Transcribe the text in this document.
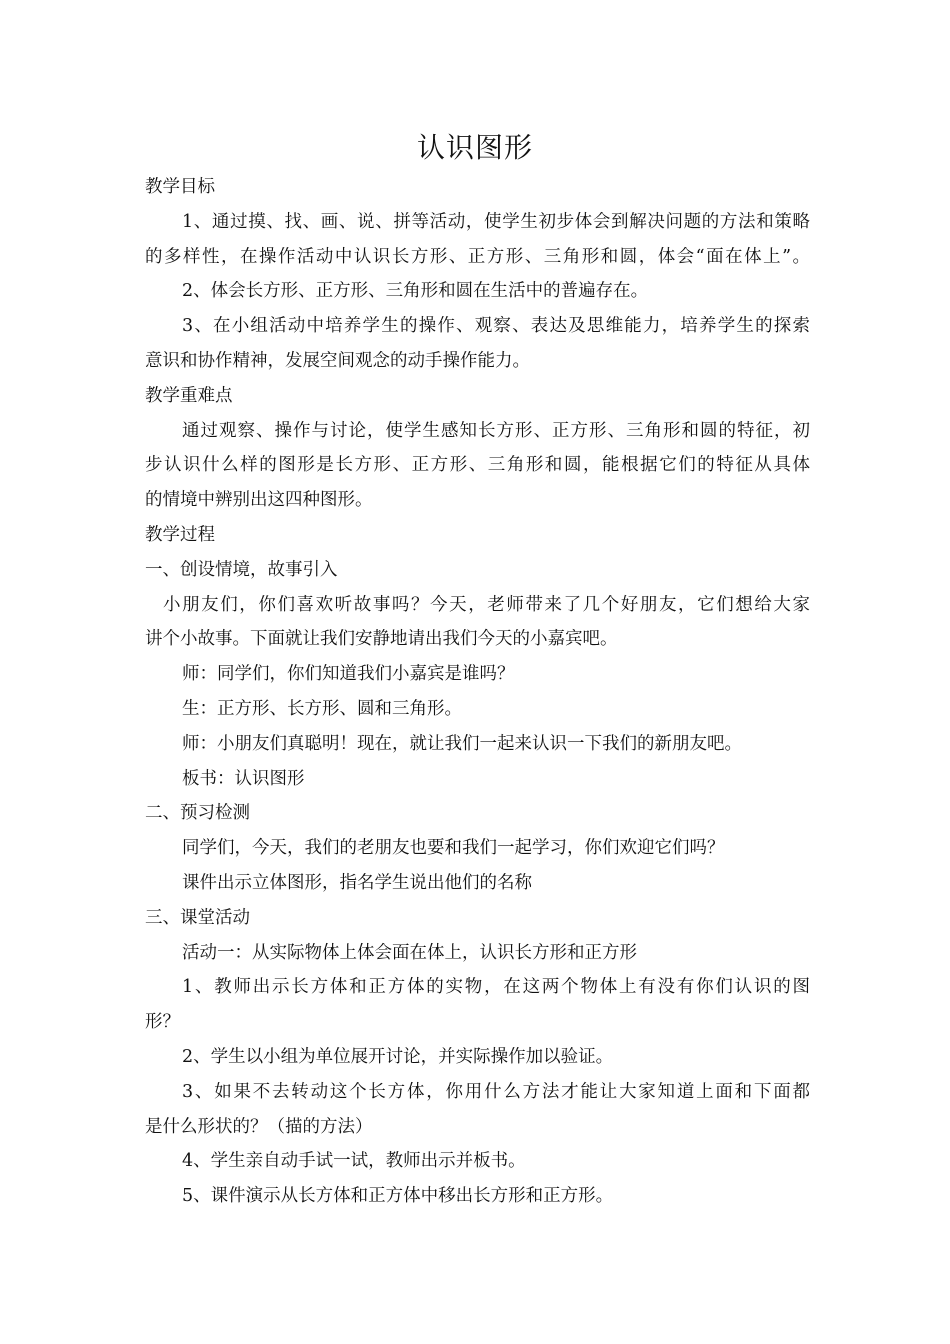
认识图形
教学目标
1、通过摸、找、画、说、拼等活动，使学生初步体会到解决问题的方法和策略
的多样性，在操作活动中认识长方形、正方形、三角形和圆，体会“面在体上”。
2、体会长方形、正方形、三角形和圆在生活中的普遍存在。
3、在小组活动中培养学生的操作、观察、表达及思维能力，培养学生的探索
意识和协作精神，发展空间观念的动手操作能力。
教学重难点
通过观察、操作与讨论，使学生感知长方形、正方形、三角形和圆的特征，初
步认识什么样的图形是长方形、正方形、三角形和圆，能根据它们的特征从具体
的情境中辨别出这四种图形。
教学过程
一、创设情境，故事引入
小朋友们，你们喜欢听故事吗？今天，老师带来了几个好朋友，它们想给大家
讲个小故事。下面就让我们安静地请出我们今天的小嘉宾吧。
师：同学们，你们知道我们小嘉宾是谁吗？
生：正方形、长方形、圆和三角形。
师：小朋友们真聪明！现在，就让我们一起来认识一下我们的新朋友吧。
板书：认识图形
二、预习检测
同学们，今天，我们的老朋友也要和我们一起学习，你们欢迎它们吗？
课件出示立体图形，指名学生说出他们的名称
三、课堂活动
活动一：从实际物体上体会面在体上，认识长方形和正方形
1、教师出示长方体和正方体的实物，在这两个物体上有没有你们认识的图
形？
2、学生以小组为单位展开讨论，并实际操作加以验证。
3、如果不去转动这个长方体，你用什么方法才能让大家知道上面和下面都
是什么形状的？（描的方法）
4、学生亲自动手试一试，教师出示并板书。
5、课件演示从长方体和正方体中移出长方形和正方形。
